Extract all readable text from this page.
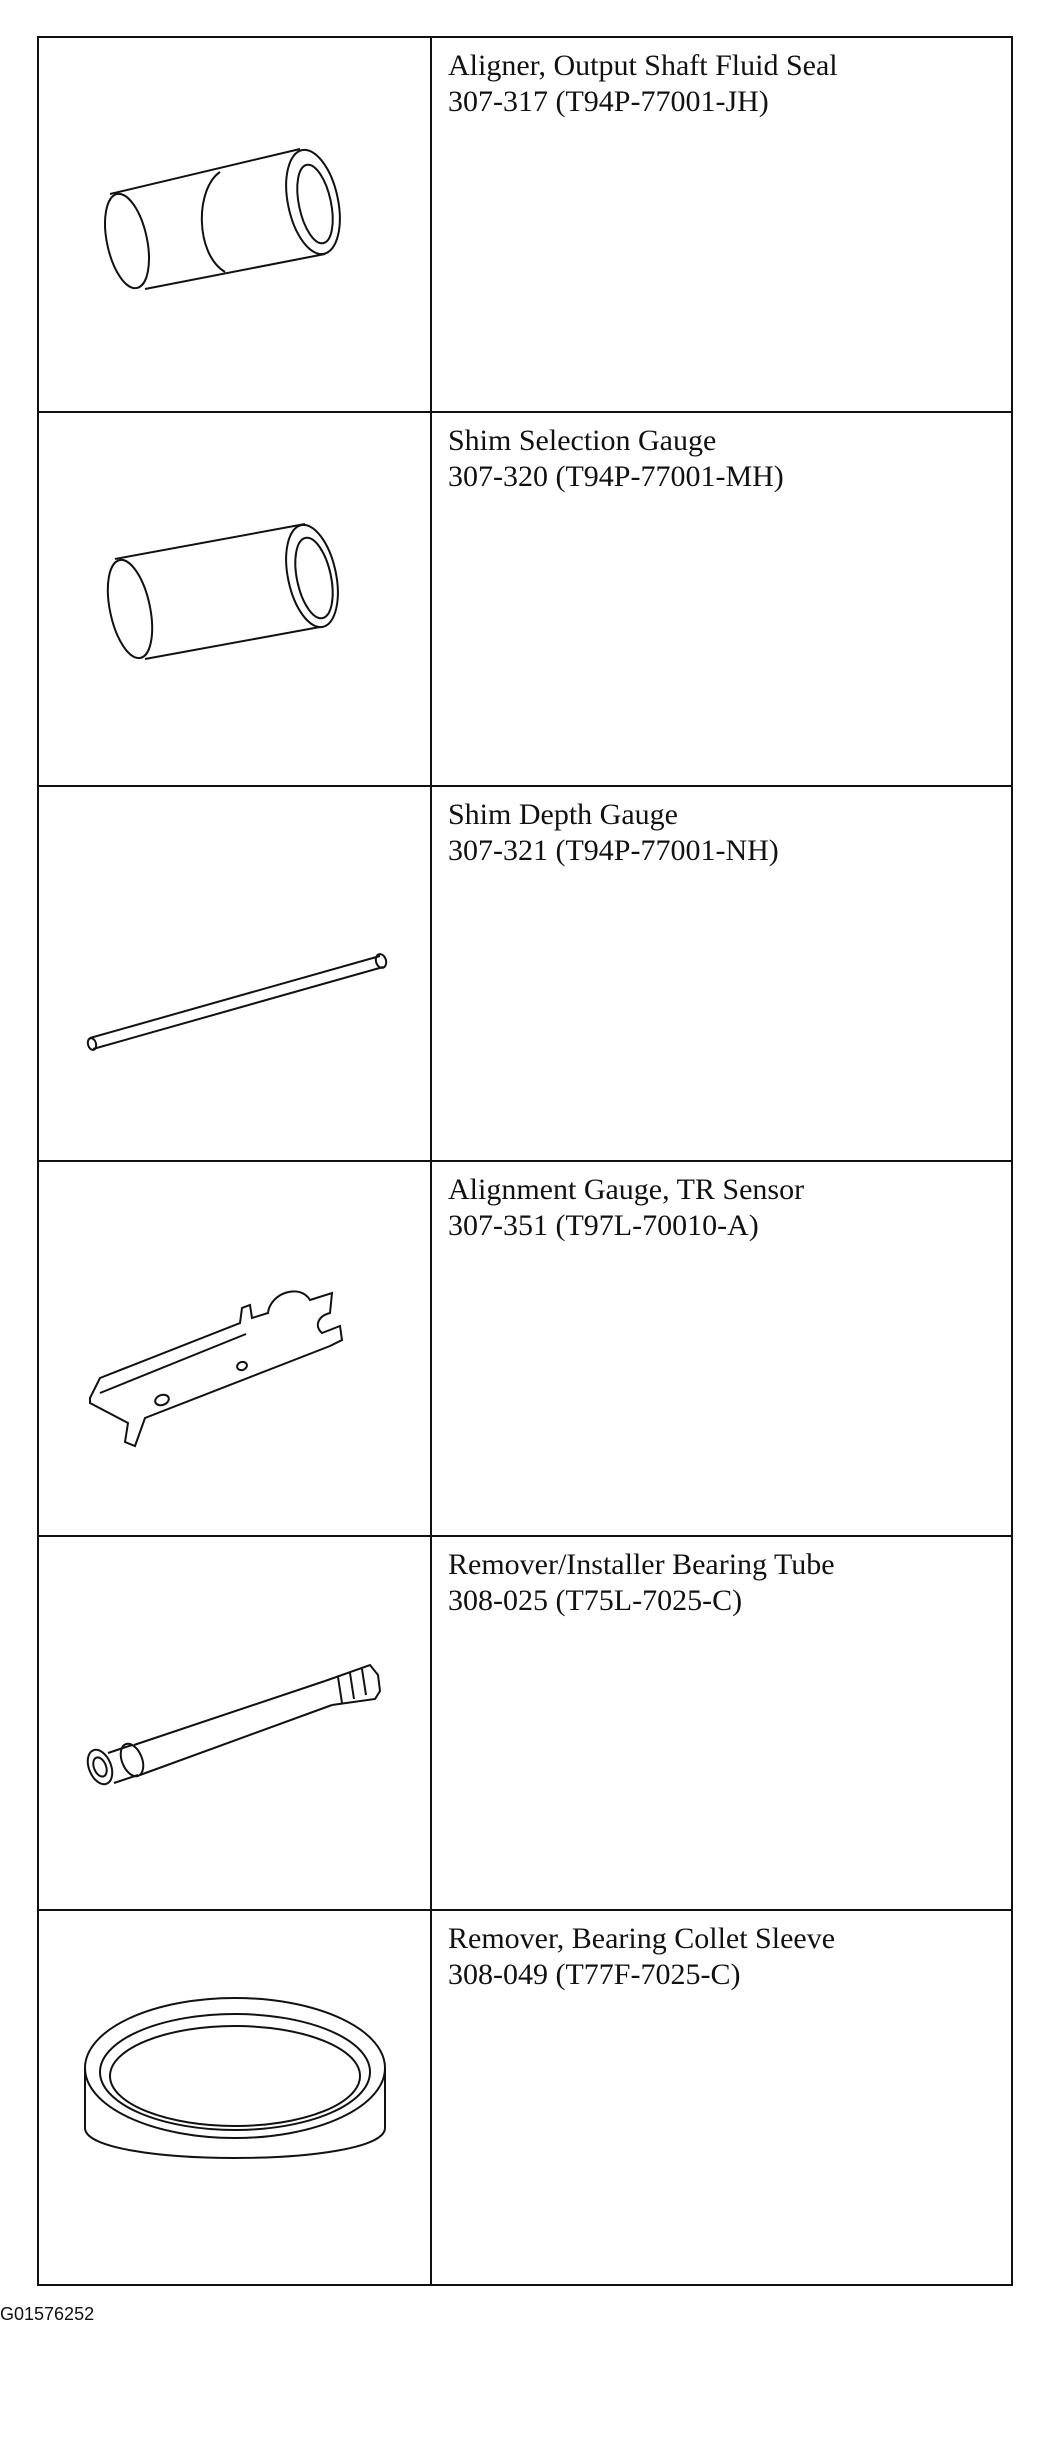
Aligner, Output Shaft Fluid Seal
307-317 (T94P-77001-JH)
Shim Selection Gauge
307-320 (T94P-77001-MH)
Shim Depth Gauge
307-321 (T94P-77001-NH)
Alignment Gauge, TR Sensor
307-351 (T97L-70010-A)
Remover/Installer Bearing Tube
308-025 (T75L-7025-C)
Remover, Bearing Collet Sleeve
308-049 (T77F-7025-C)
G01576252
